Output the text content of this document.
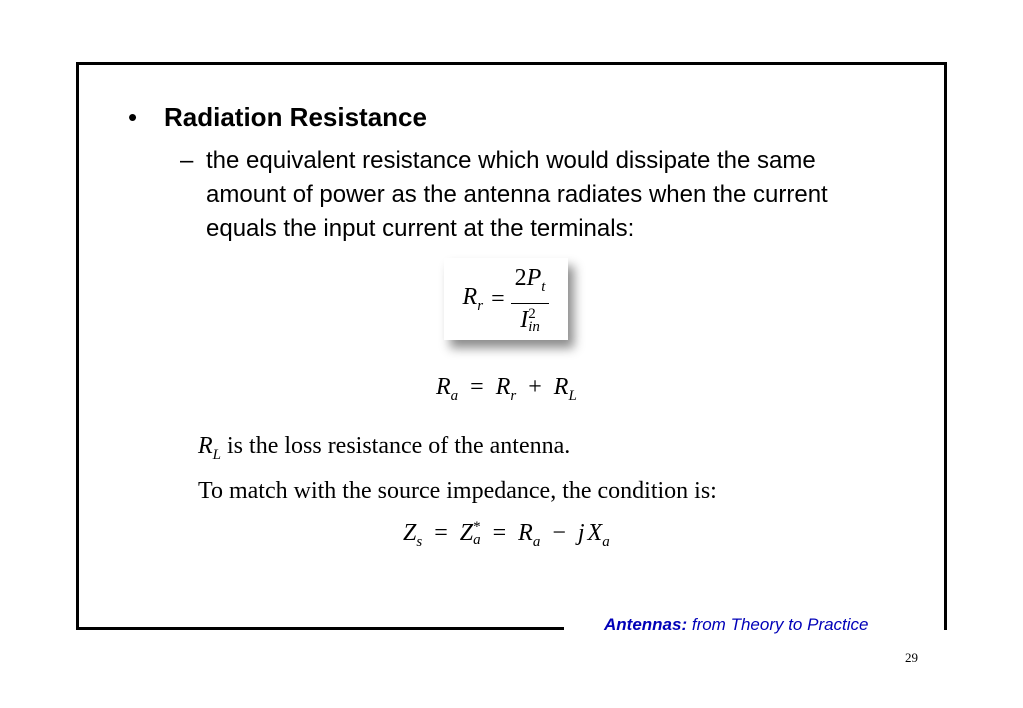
• Radiation Resistance
– the equivalent resistance which would dissipate the same amount of power as the antenna radiates when the current equals the input current at the terminals:
$R_r = 2P_t$
I 2
in
$R_a = R_r + R_L$
$R_L$ is the loss resistance of the antenna.
To match with the source impedance, the condition is:
$Z_s = Z$ *
$a = R_a - j$ $X_a$
Antennas: from Theory to Practice
29
